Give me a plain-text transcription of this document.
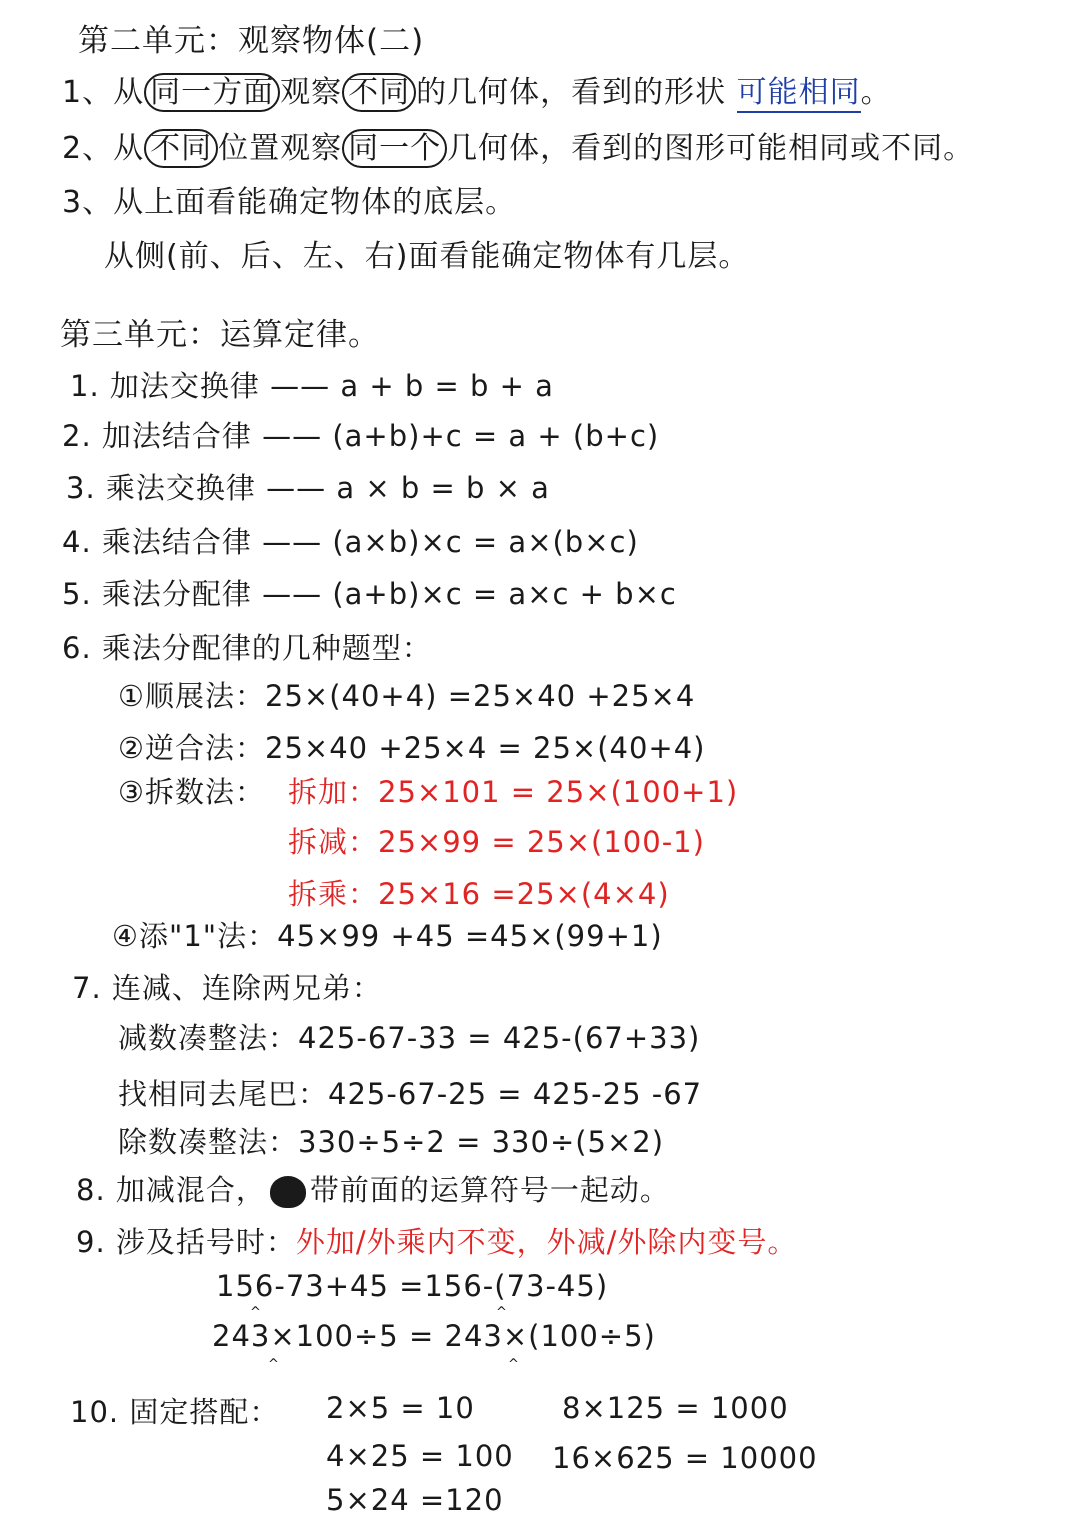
第二单元：观察物体(二)
1、从 同一方面 观察 不同 的几何体，看到的形状 可能相同。
2、从 不同 位置观察 同一个 几何体，看到的图形可能相同或不同。
3、从上面看能确定物体的底层。
从侧(前、后、左、右)面看能确定物体有几层。
第三单元：运算定律。
1. 加法交换律 —— a + b = b + a
2. 加法结合律 —— (a+b)+c = a + (b+c)
3. 乘法交换律 —— a × b = b × a
4. 乘法结合律 —— (a×b)×c = a×(b×c)
5. 乘法分配律 —— (a+b)×c = a×c + b×c
6. 乘法分配律的几种题型：
①顺展法：25×(40+4) =25×40 +25×4
②逆合法：25×40 +25×4 = 25×(40+4)
③拆数法： 拆加：25×101 = 25×(100+1)
拆减：25×99 = 25×(100-1)
拆乘：25×16 =25×(4×4)
④添"1"法：45×99 +45 =45×(99+1)
7. 连减、连除两兄弟：
减数凑整法：425-67-33 = 425-(67+33)
找相同去尾巴：425-67-25 = 425-25 -67
除数凑整法：330÷5÷2 = 330÷(5×2)
8. 加减混合， 带前面的运算符号一起动。
9. 涉及括号时：外加/外乘内不变，外减/外除内变号。
156-73+45 =156-(73-45)
^	^
243×100÷5 = 243×(100÷5)
^	^
10. 固定搭配： 2×5 = 10
4×25 = 100
5×24 =120
8×125 = 1000
16×625 = 10000
